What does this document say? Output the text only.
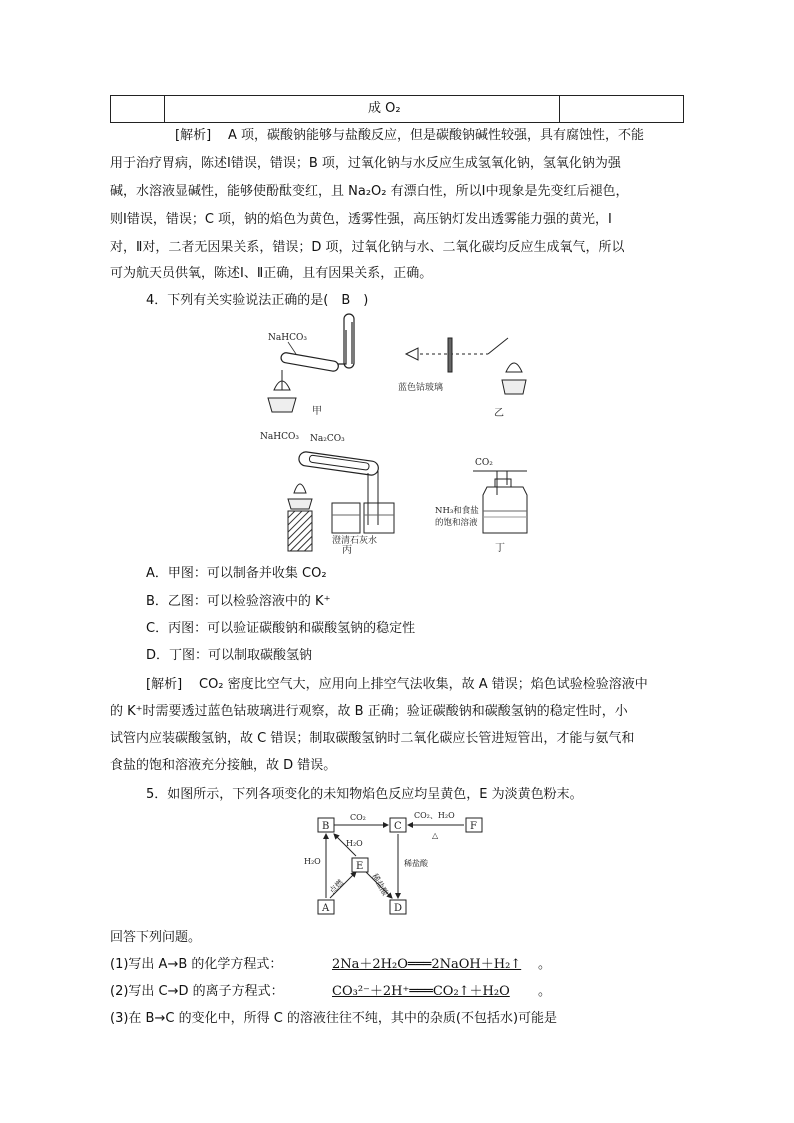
成 O₂
[解析] A 项，碳酸钠能够与盐酸反应，但是碳酸钠碱性较强，具有腐蚀性，不能
用于治疗胃病，陈述Ⅰ错误，错误；B 项，过氧化钠与水反应生成氢氧化钠，氢氧化钠为强
碱，水溶液显碱性，能够使酚酞变红，且 Na₂O₂ 有漂白性，所以Ⅰ中现象是先变红后褪色，
则Ⅰ错误，错误；C 项，钠的焰色为黄色，透雾性强，高压钠灯发出透雾能力强的黄光，Ⅰ
对，Ⅱ对，二者无因果关系，错误；D 项，过氧化钠与水、二氧化碳均反应生成氧气，所以
可为航天员供氧，陈述Ⅰ、Ⅱ正确，且有因果关系，正确。
4．下列有关实验说法正确的是(　B　)
NaHCO₃
甲
蓝色钴玻璃
乙
NaHCO₃ Na₂CO₃
澄清石灰水
丙
CO₂
NH₃和食盐
的饱和溶液
丁
A．甲图：可以制备并收集 CO₂
B．乙图：可以检验溶液中的 K⁺
C．丙图：可以验证碳酸钠和碳酸氢钠的稳定性
D．丁图：可以制取碳酸氢钠
[解析] CO₂ 密度比空气大，应用向上排空气法收集，故 A 错误；焰色试验检验溶液中
的 K⁺时需要透过蓝色钴玻璃进行观察，故 B 正确；验证碳酸钠和碳酸氢钠的稳定性时，小
试管内应装碳酸氢钠，故 C 错误；制取碳酸氢钠时二氧化碳应长管进短管出，才能与氨气和
食盐的饱和溶液充分接触，故 D 错误。
5．如图所示，下列各项变化的未知物焰色反应均呈黄色，E 为淡黄色粉末。
B	C	F
E
A	D
CO₂	CO₂、H₂O
△
H₂O
H₂O
点燃	稀盐酸
稀盐酸
回答下列问题。
(1)写出 A→B 的化学方程式：	2Na＋2H₂O═══2NaOH＋H₂↑ 。
(2)写出 C→D 的离子方程式：	CO₃²⁻＋2H⁺═══CO₂↑＋H₂O 。
(3)在 B→C 的变化中，所得 C 的溶液往往不纯，其中的杂质(不包括水)可能是
